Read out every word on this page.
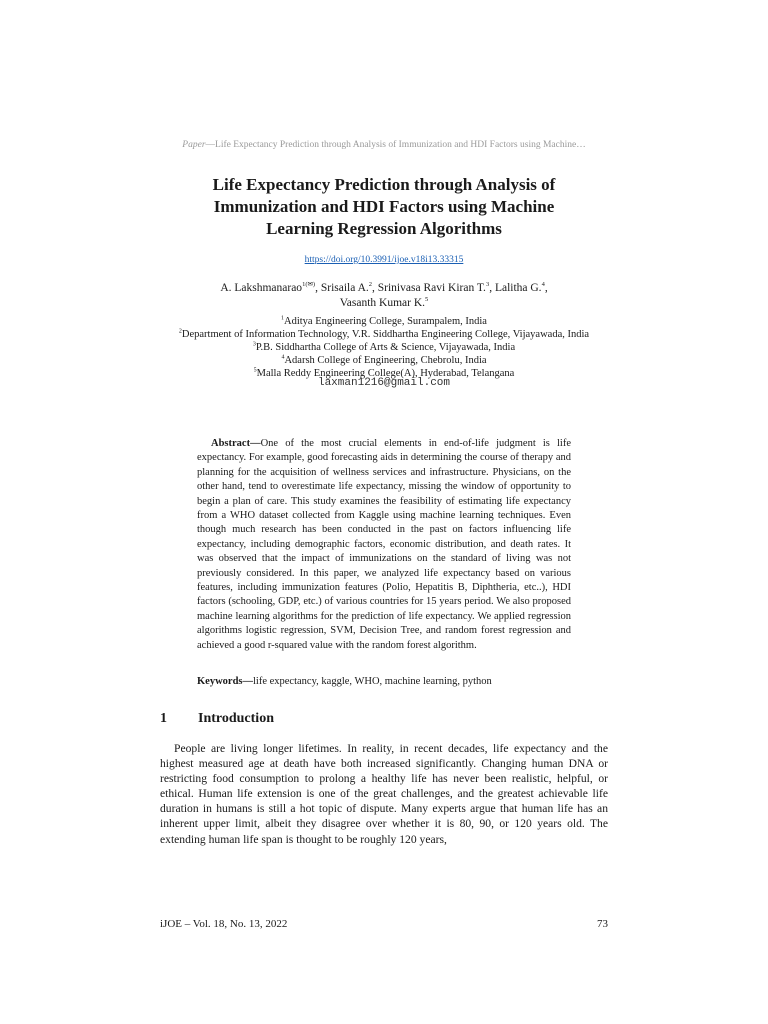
Paper—Life Expectancy Prediction through Analysis of Immunization and HDI Factors using Machine…
Life Expectancy Prediction through Analysis of Immunization and HDI Factors using Machine Learning Regression Algorithms
https://doi.org/10.3991/ijoe.v18i13.33315
A. Lakshmanarao$^{1(✉)}$, Srisaila A.$^2$, Srinivasa Ravi Kiran T.$^3$, Lalitha G.$^4$,
Vasanth Kumar K.$^5$
$^1$Aditya Engineering College, Surampalem, India
$^2$Department of Information Technology, V.R. Siddhartha Engineering College, Vijayawada, India
$^3$P.B. Siddhartha College of Arts & Science, Vijayawada, India
$^4$Adarsh College of Engineering, Chebrolu, India
$^5$Malla Reddy Engineering College(A), Hyderabad, Telangana
laxman1216@gmail.com

Abstract—One of the most crucial elements in end-of-life judgment is life expectancy. For example, good forecasting aids in determining the course of therapy and planning for the acquisition of wellness services and infrastructure. Physicians, on the other hand, tend to overestimate life expectancy, missing the window of opportunity to begin a plan of care. This study examines the feasibility of estimating life expectancy from a WHO dataset collected from Kaggle using machine learning techniques. Even though much research has been conducted in the past on factors influencing life expectancy, including demographic factors, economic distribution, and death rates. It was observed that the impact of immunizations on the standard of living was not previously considered. In this paper, we analyzed life expectancy based on various features, including immunization features (Polio, Hepatitis B, Diphtheria, etc..), HDI factors (schooling, GDP, etc.) of various countries for 15 years period. We also proposed machine learning algorithms for the prediction of life expectancy. We applied regression algorithms logistic regression, SVM, Decision Tree, and random forest regression and achieved a good r-squared value with the random forest algorithm.

Keywords—life expectancy, kaggle, WHO, machine learning, python

1 Introduction

People are living longer lifetimes. In reality, in recent decades, life expectancy and the highest measured age at death have both increased significantly. Changing human DNA or restricting food consumption to prolong a healthy life has never been realistic, helpful, or ethical. Human life extension is one of the great challenges, and the greatest achievable life duration in humans is still a hot topic of dispute. Many experts argue that human life has an inherent upper limit, albeit they disagree over whether it is 80, 90, or 120 years old. The extending human life span is thought to be roughly 120 years,

iJOE – Vol. 18, No. 13, 2022	73
